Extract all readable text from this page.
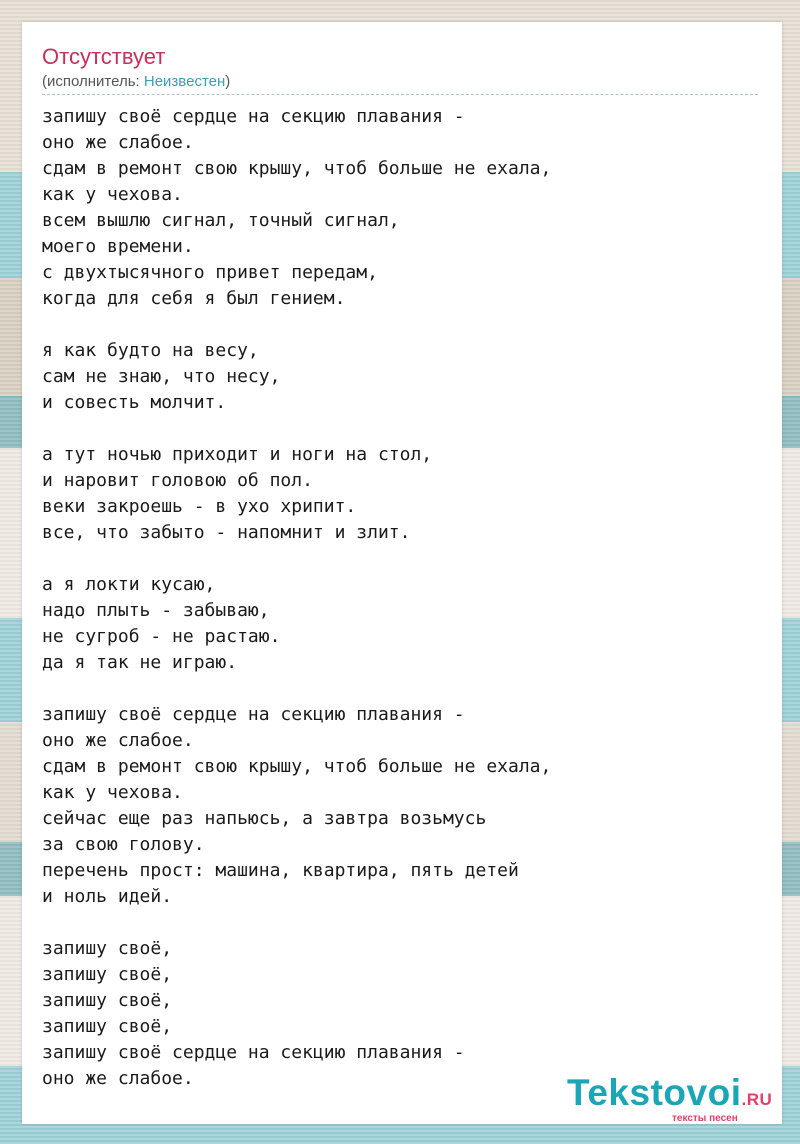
Отсутствует
(исполнитель: Неизвестен)
запишу своё сердце на секцию плавания -
оно же слабое.
сдам в ремонт свою крышу, чтоб больше не ехала,
как у чехова.
всем вышлю сигнал, точный сигнал,
моего времени.
с двухтысячного привет передам,
когда для себя я был гением.

я как будто на весу,
сам не знаю, что несу,
и совесть молчит.

а тут ночью приходит и ноги на стол,
и наровит головою об пол.
веки закроешь - в ухо хрипит.
все, что забыто - напомнит и злит.

а я локти кусаю,
надо плыть - забываю,
не сугроб - не растаю.
да я так не играю.

запишу своё сердце на секцию плавания -
оно же слабое.
сдам в ремонт свою крышу, чтоб больше не ехала,
как у чехова.
сейчас еще раз напьюсь, а завтра возьмусь
за свою голову.
перечень прост: машина, квартира, пять детей
и ноль идей.

запишу своё,
запишу своё,
запишу своё,
запишу своё,
запишу своё сердце на секцию плавания -
оно же слабое.	Tekstovoi.RU
тексты песен
